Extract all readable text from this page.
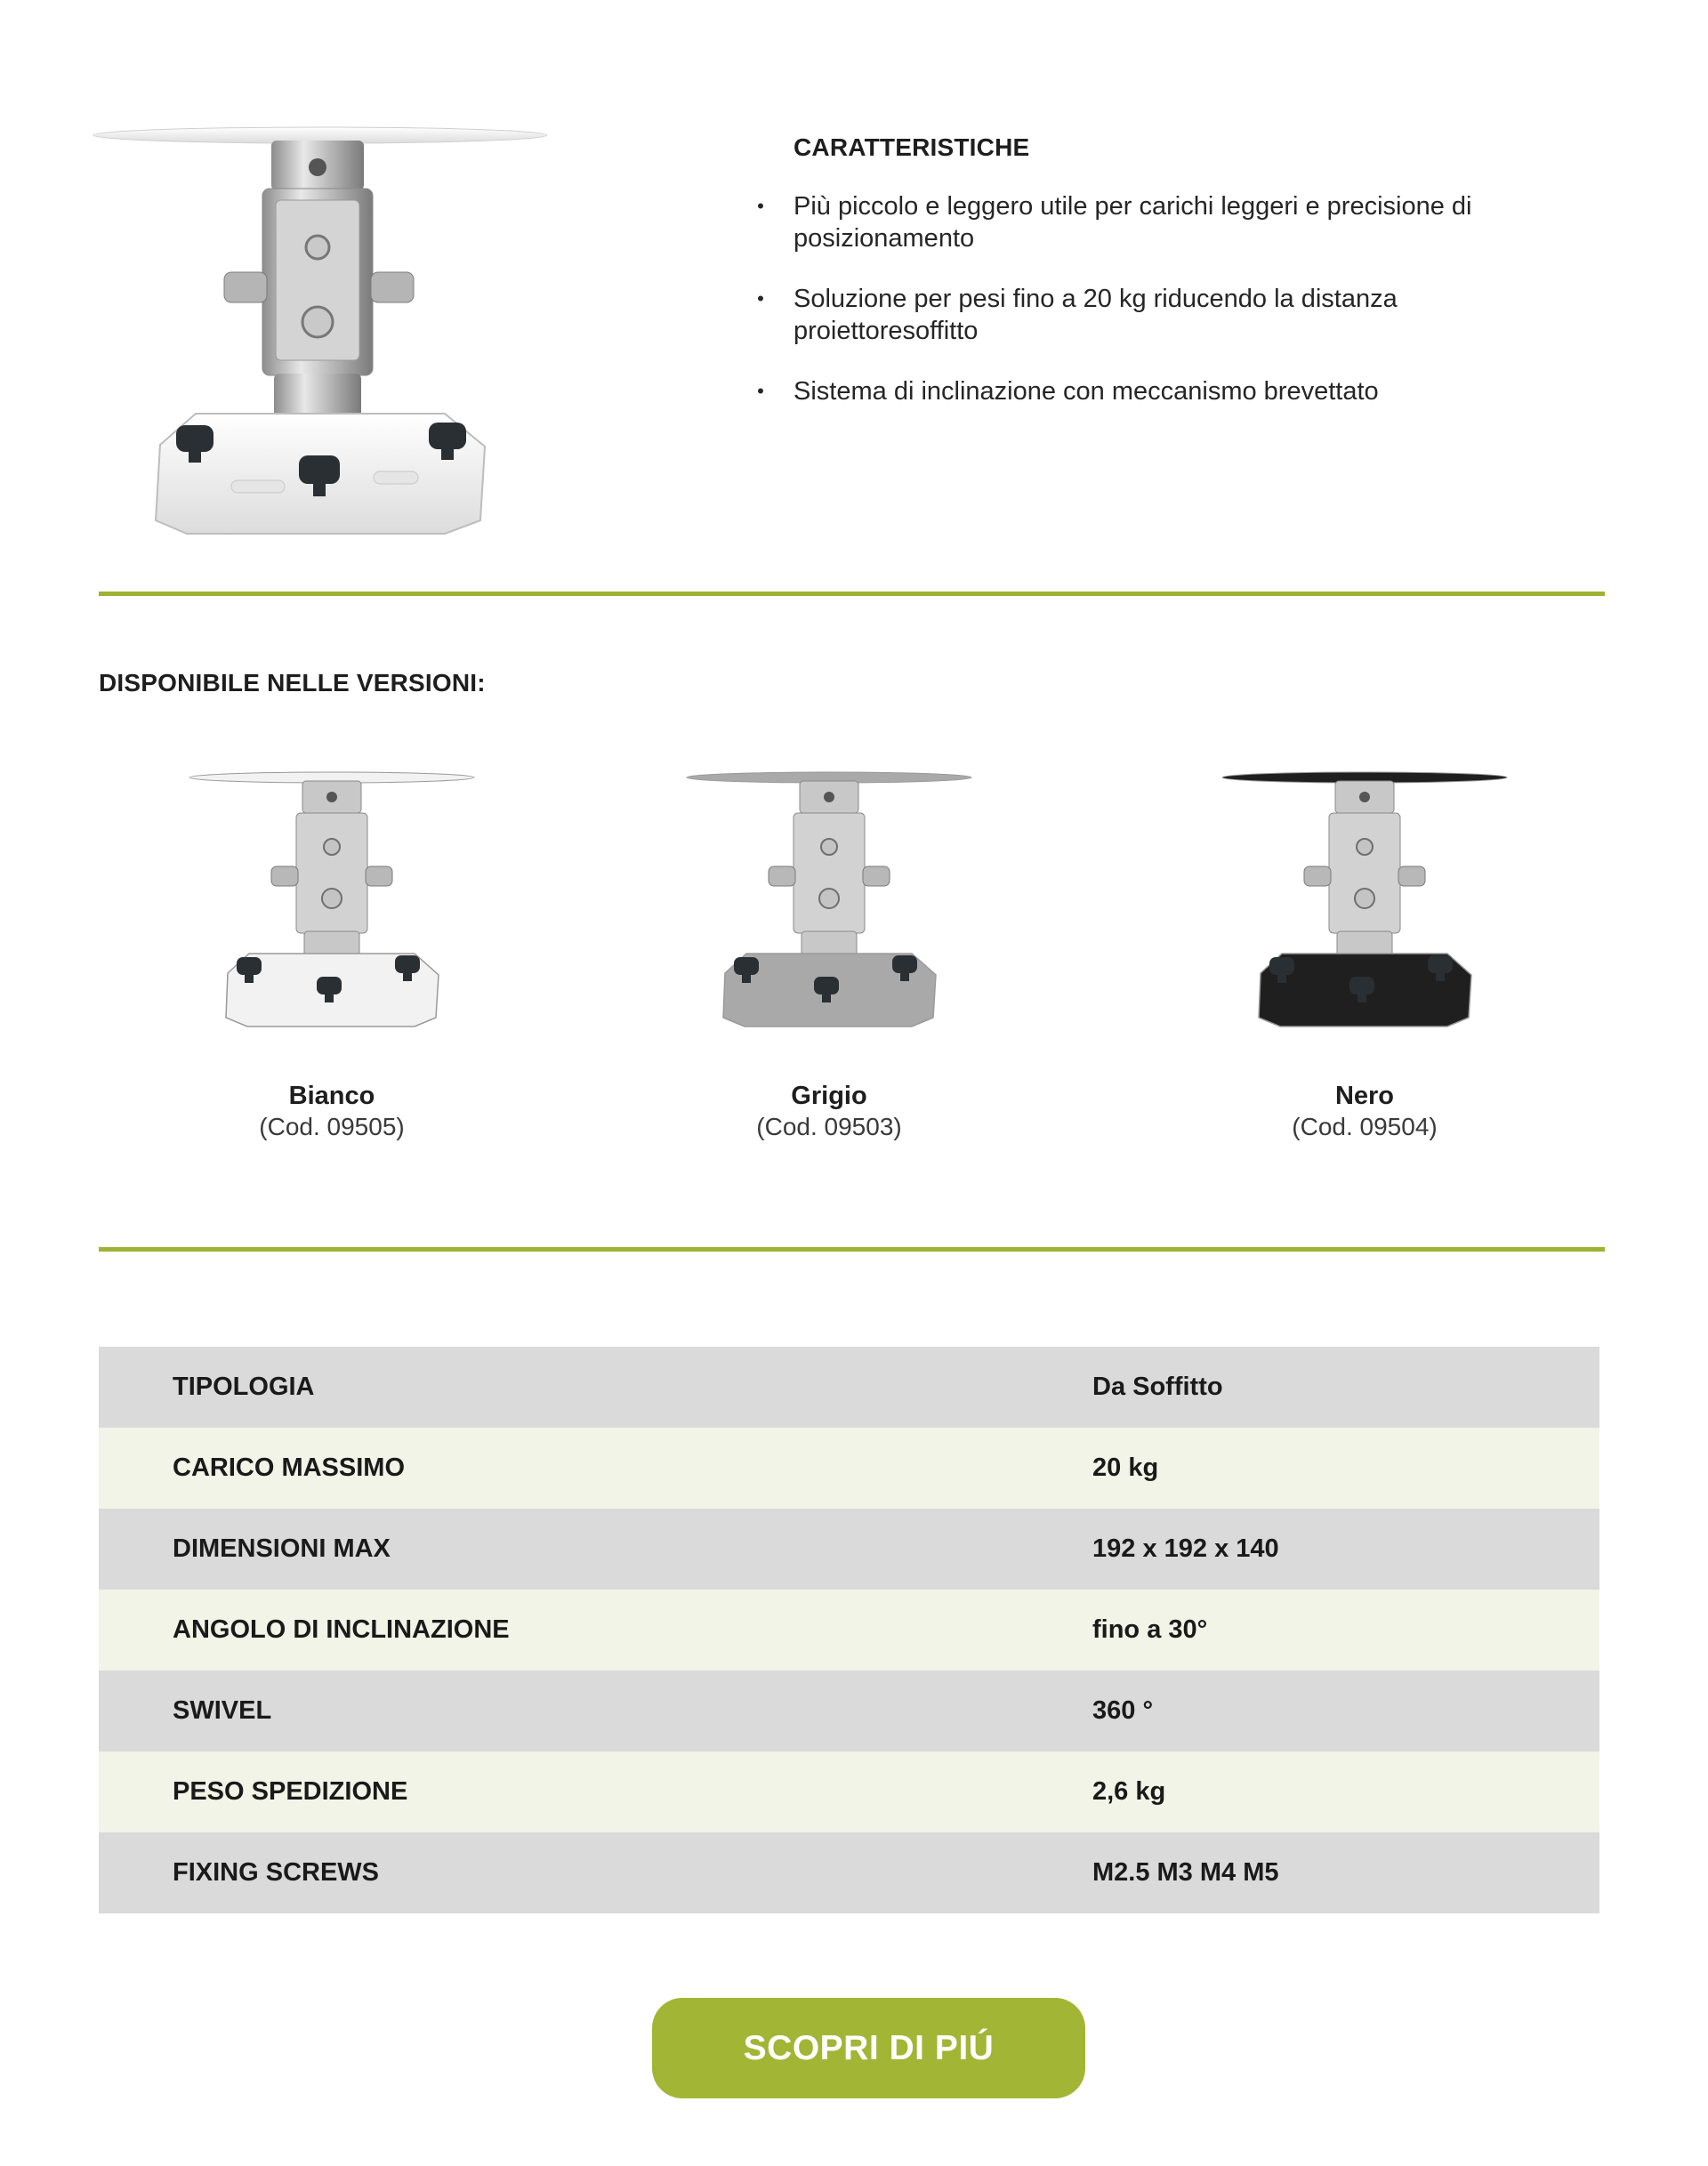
CARATTERISTICHE
• Più piccolo e leggero utile per carichi leggeri e precisione di posizionamento
• Soluzione per pesi fino a 20 kg riducendo la distanza proiettoresoffitto
• Sistema di inclinazione con meccanismo brevettato
DISPONIBILE NELLE VERSIONI:
Bianco
(Cod. 09505)
Grigio
(Cod. 09503)
Nero
(Cod. 09504)
TIPOLOGIA	Da Soffitto
CARICO MASSIMO	20 kg
DIMENSIONI MAX	192 x 192 x 140
ANGOLO DI INCLINAZIONE	fino a 30°
SWIVEL	360 °
PESO SPEDIZIONE	2,6 kg
FIXING SCREWS	M2.5 M3 M4 M5
SCOPRI DI PIÚ
